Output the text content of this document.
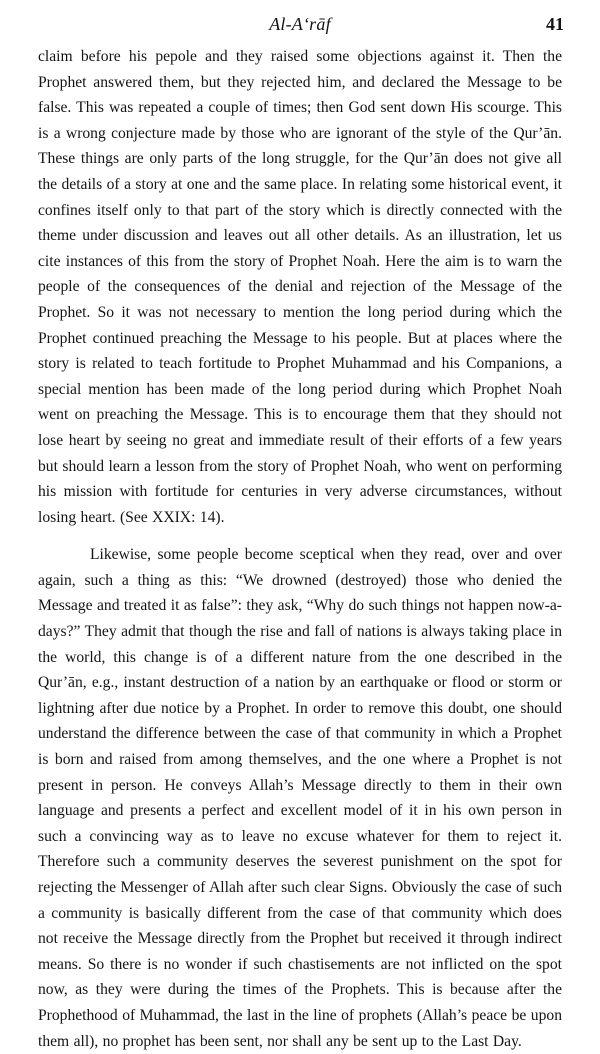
Al-A‘rāf	41

claim before his pepole and they raised some objections against it. Then the Prophet answered them, but they rejected him, and declared the Message to be false. This was repeated a couple of times; then God sent down His scourge. This is a wrong conjecture made by those who are ignorant of the style of the Qur’ān. These things are only parts of the long struggle, for the Qur’ān does not give all the details of a story at one and the same place. In relating some historical event, it confines itself only to that part of the story which is directly connected with the theme under discussion and leaves out all other details. As an illustration, let us cite instances of this from the story of Prophet Noah. Here the aim is to warn the people of the consequences of the denial and rejection of the Message of the Prophet. So it was not necessary to mention the long period during which the Prophet continued preaching the Message to his people. But at places where the story is related to teach fortitude to Prophet Muhammad and his Companions, a special mention has been made of the long period during which Prophet Noah went on preaching the Message. This is to encourage them that they should not lose heart by seeing no great and immediate result of their efforts of a few years but should learn a lesson from the story of Prophet Noah, who went on performing his mission with fortitude for centuries in very adverse circumstances, without losing heart. (See XXIX: 14).

Likewise, some people become sceptical when they read, over and over again, such a thing as this: “We drowned (destroyed) those who denied the Message and treated it as false”: they ask, “Why do such things not happen now-a-days?” They admit that though the rise and fall of nations is always taking place in the world, this change is of a different nature from the one described in the Qur’ān, e.g., instant destruction of a nation by an earthquake or flood or storm or lightning after due notice by a Prophet. In order to remove this doubt, one should understand the difference between the case of that community in which a Prophet is born and raised from among themselves, and the one where a Prophet is not present in person. He conveys Allah’s Message directly to them in their own language and presents a perfect and excellent model of it in his own person in such a convincing way as to leave no excuse whatever for them to reject it. Therefore such a community deserves the severest punishment on the spot for rejecting the Messenger of Allah after such clear Signs. Obviously the case of such a community is basically different from the case of that community which does not receive the Message directly from the Prophet but received it through indirect means. So there is no wonder if such chastisements are not inflicted on the spot now, as they were during the times of the Prophets. This is because after the Prophethood of Muhammad, the last in the line of prophets (Allah’s peace be upon them all), no prophet has been sent, nor shall any be sent up to the Last Day.
